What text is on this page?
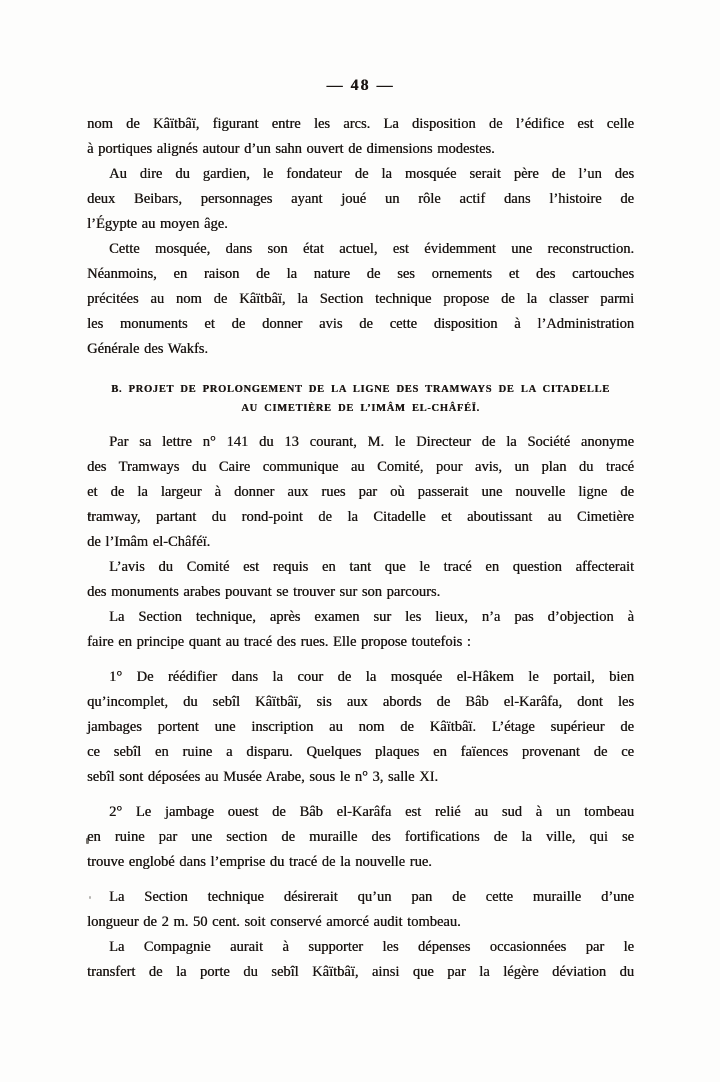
— 48 —
nom de Kâïtbâï, figurant entre les arcs. La disposition de l’édifice est celle
à portiques alignés autour d’un sahn ouvert de dimensions modestes.
Au dire du gardien, le fondateur de la mosquée serait père de l’un des
deux Beibars, personnages ayant joué un rôle actif dans l’histoire de
l’Égypte au moyen âge.
Cette mosquée, dans son état actuel, est évidemment une reconstruction.
Néanmoins, en raison de la nature de ses ornements et des cartouches
précitées au nom de Kâïtbâï, la Section technique propose de la classer parmi
les monuments et de donner avis de cette disposition à l’Administration
Générale des Wakfs.
B. PROJET DE PROLONGEMENT DE LA LIGNE DES TRAMWAYS DE LA CITADELLE
AU CIMETIÈRE DE L’IMÂM EL-CHÂFÉÏ.
Par sa lettre n° 141 du 13 courant, M. le Directeur de la Société anonyme
des Tramways du Caire communique au Comité, pour avis, un plan du tracé
et de la largeur à donner aux rues par où passerait une nouvelle ligne de
tramway, partant du rond-point de la Citadelle et aboutissant au Cimetière
de l’Imâm el-Châféï.
L’avis du Comité est requis en tant que le tracé en question affecterait
des monuments arabes pouvant se trouver sur son parcours.
La Section technique, après examen sur les lieux, n’a pas d’objection à
faire en principe quant au tracé des rues. Elle propose toutefois :
1° De réédifier dans la cour de la mosquée el-Hâkem le portail, bien
qu’incomplet, du sebîl Kâïtbâï, sis aux abords de Bâb el-Karâfa, dont les
jambages portent une inscription au nom de Kâïtbâï. L’étage supérieur de
ce sebîl en ruine a disparu. Quelques plaques en faïences provenant de ce
sebîl sont déposées au Musée Arabe, sous le n° 3, salle XI.
2° Le jambage ouest de Bâb el-Karâfa est relié au sud à un tombeau
en ruine par une section de muraille des fortifications de la ville, qui se
trouve englobé dans l’emprise du tracé de la nouvelle rue.
La Section technique désirerait qu’un pan de cette muraille d’une
longueur de 2 m. 50 cent. soit conservé amorcé audit tombeau.
La Compagnie aurait à supporter les dépenses occasionnées par le
transfert de la porte du sebîl Kâïtbâï, ainsi que par la légère déviation du
